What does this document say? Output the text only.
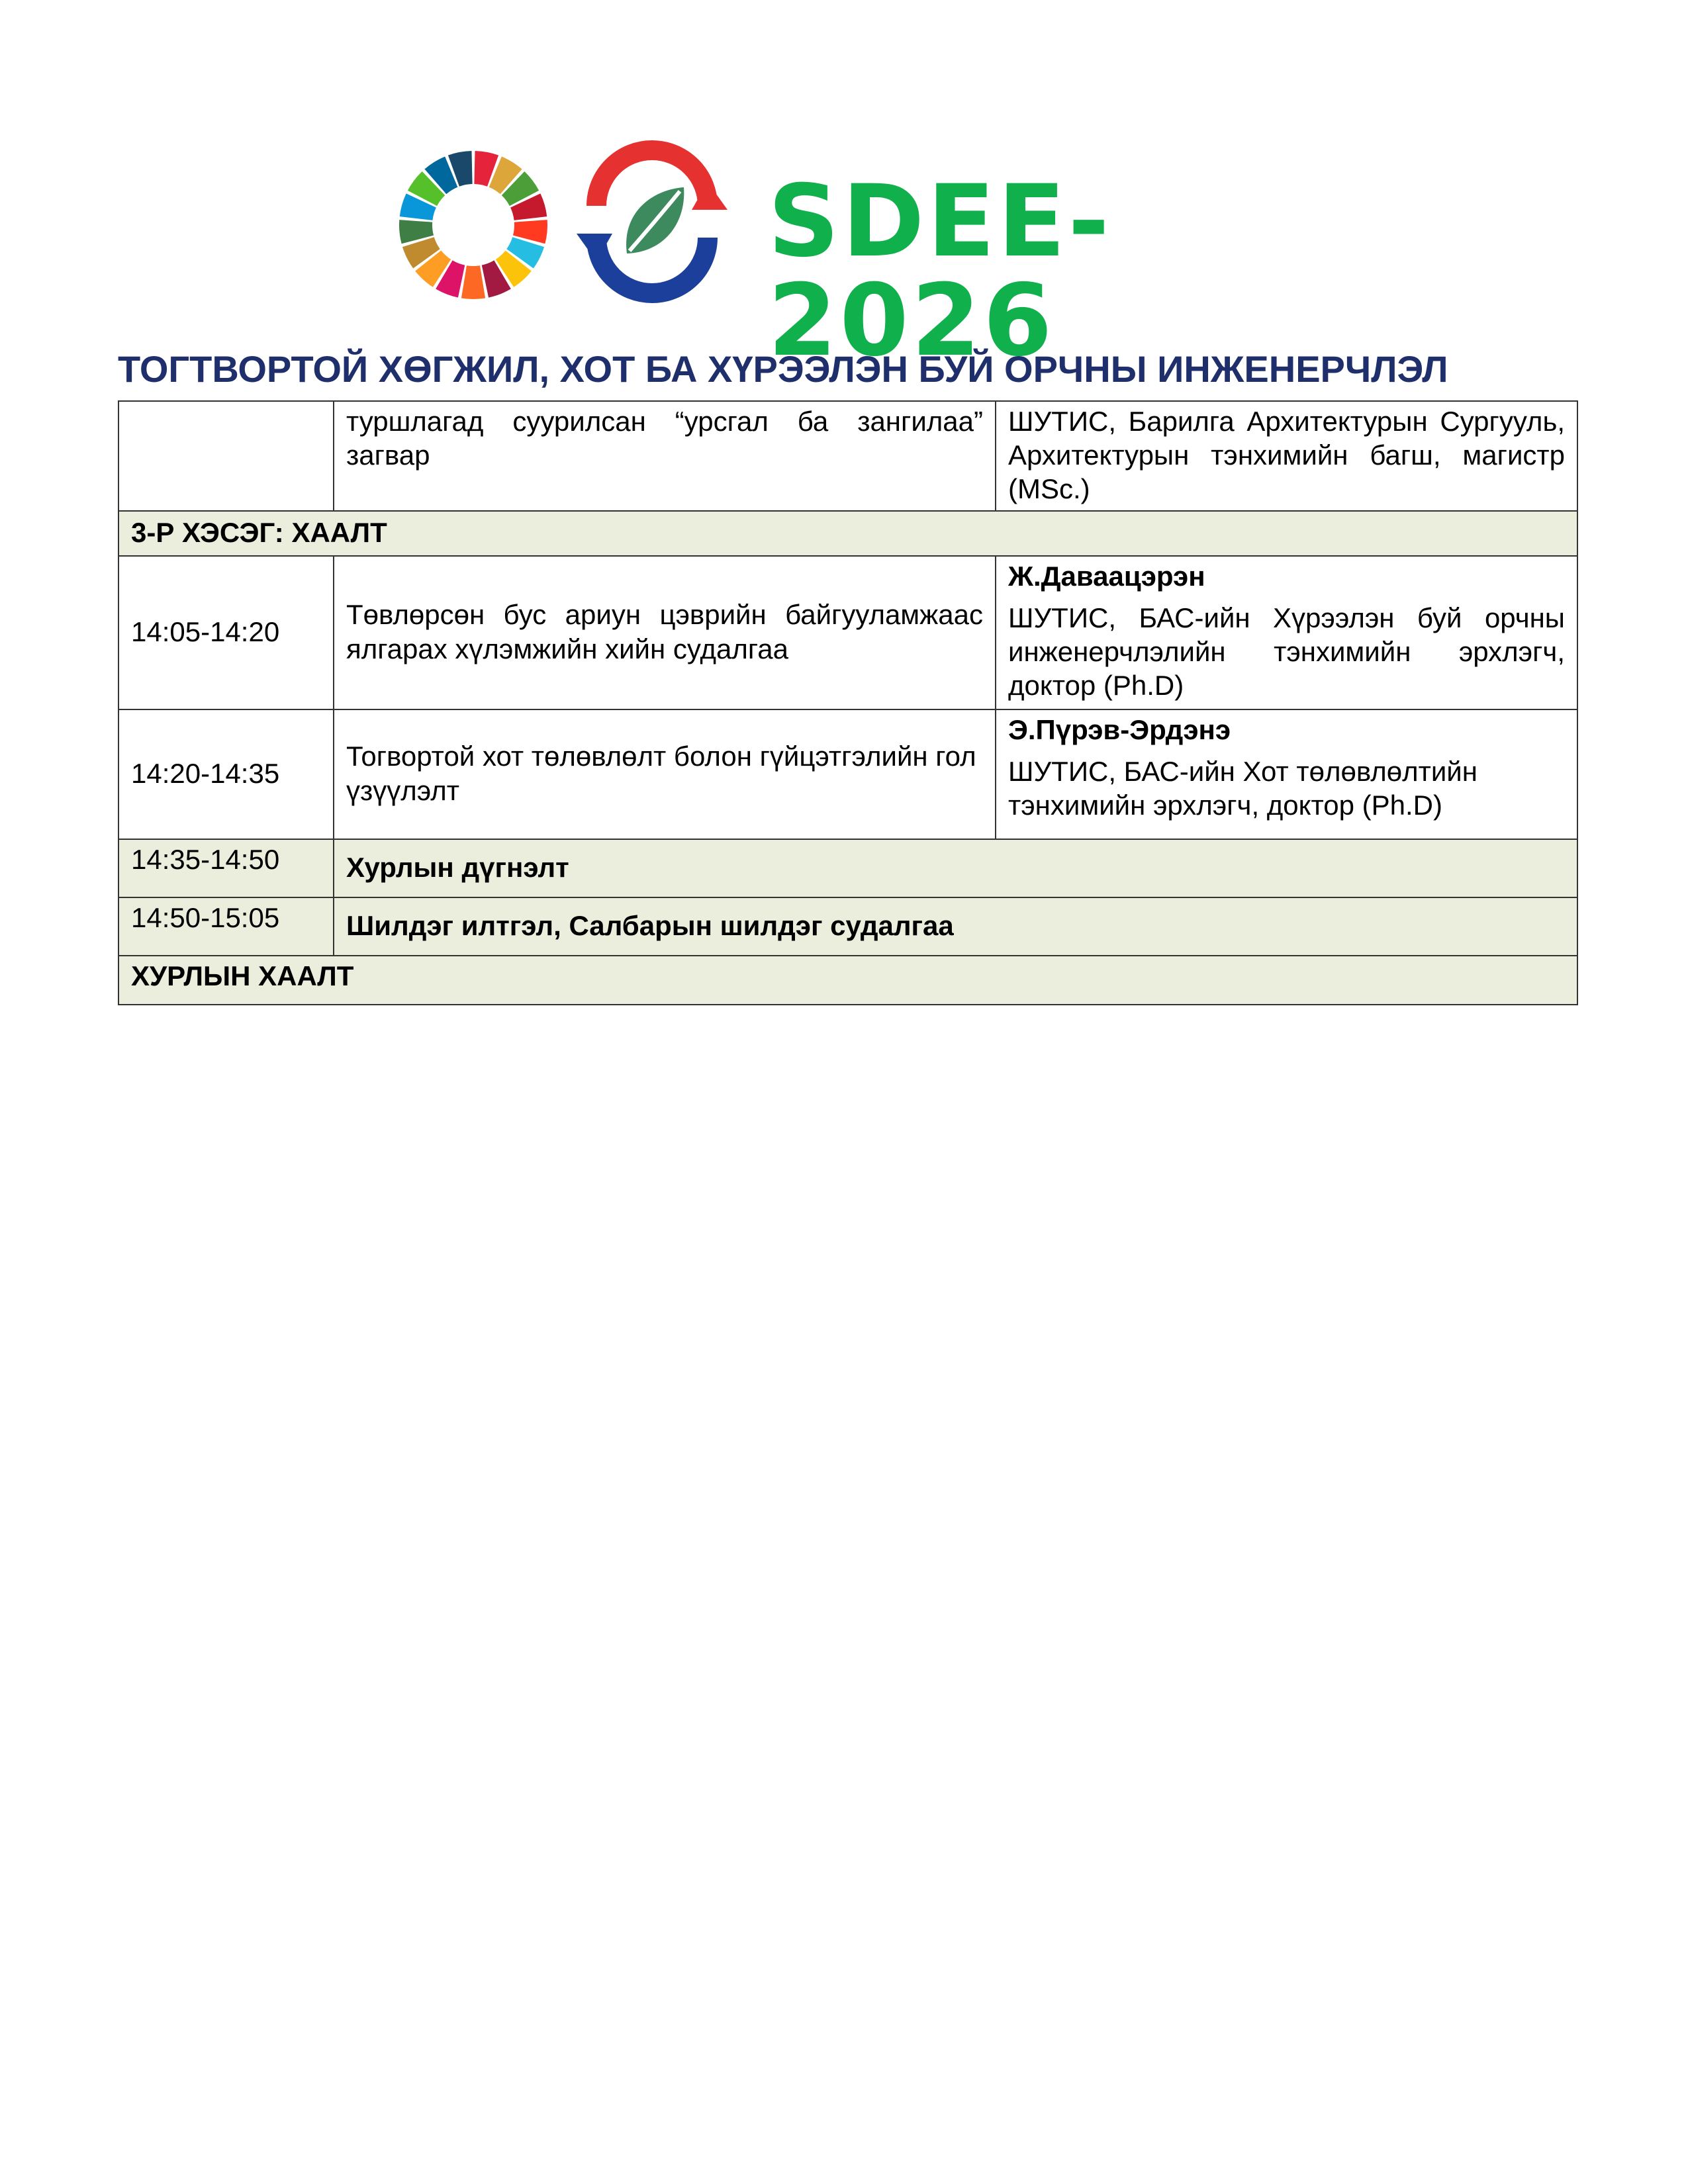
SDEE-2026
ТОГТВОРТОЙ ХӨГЖИЛ, ХОТ БА ХҮРЭЭЛЭН БУЙ ОРЧНЫ ИНЖЕНЕРЧЛЭЛ
	туршлагад суурилсан “урсгал ба зангилаа” загвар	ШУТИС, Барилга Архитектурын Сургууль, Архитектурын тэнхимийн багш, магистр (MSc.)
3-Р ХЭСЭГ: ХААЛТ		
14:05-14:20	Төвлөрсөн бус ариун цэврийн байгууламжаас ялгарах хүлэмжийн хийн судалгаа	Ж.Даваацэрэн
ШУТИС, БАС-ийн Хүрээлэн буй орчны инженерчлэлийн тэнхимийн эрхлэгч, доктор (Ph.D)
14:20-14:35	Тогвортой хот төлөвлөлт болон гүйцэтгэлийн гол үзүүлэлт	Э.Пүрэв-Эрдэнэ
ШУТИС, БАС-ийн Хот төлөвлөлтийн тэнхимийн эрхлэгч, доктор (Ph.D)
14:35-14:50	Хурлын дүгнэлт	
14:50-15:05	Шилдэг илтгэл, Салбарын шилдэг судалгаа	
ХУРЛЫН ХААЛТ		
